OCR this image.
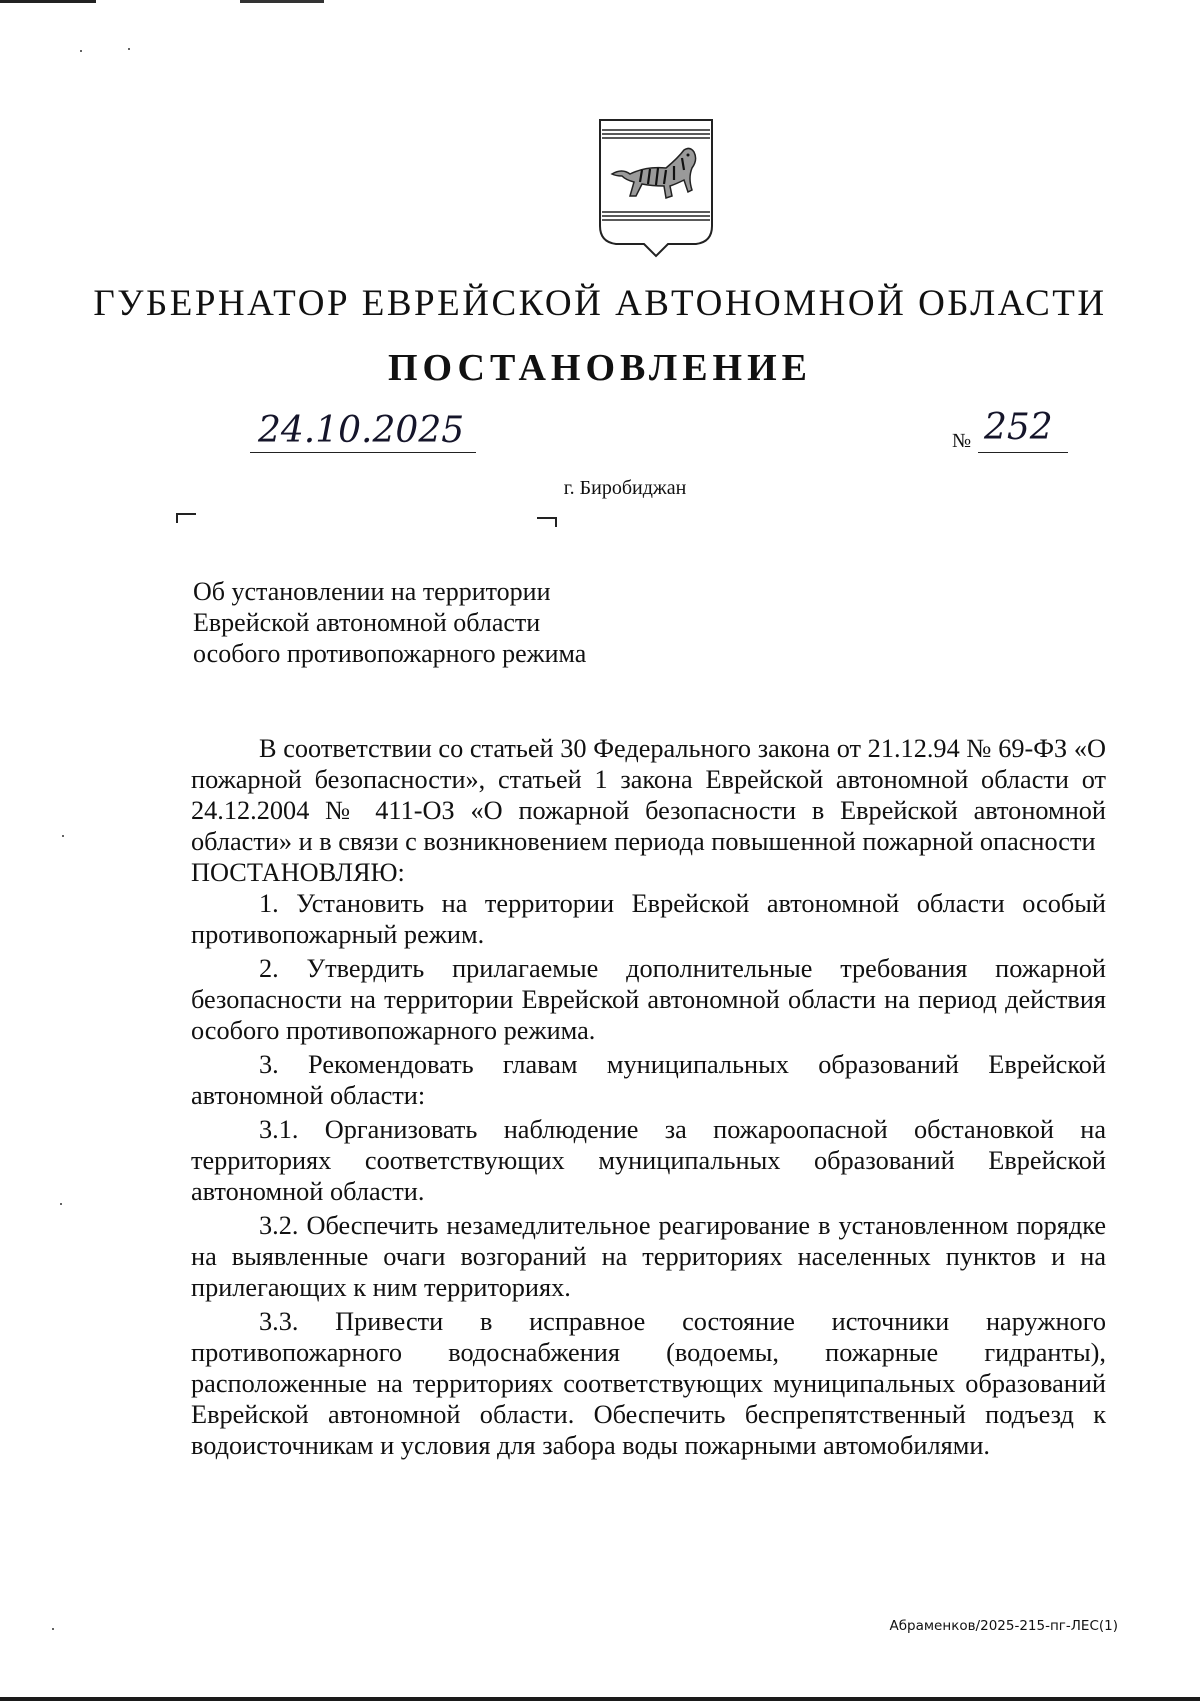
ГУБЕРНАТОР ЕВРЕЙСКОЙ АВТОНОМНОЙ ОБЛАСТИ
ПОСТАНОВЛЕНИЕ
24.10.2025	№ 252
г. Биробиджан
Об установлении на территории
Еврейской автономной области
особого противопожарного режима

В соответствии со статьей 30 Федерального закона от 21.12.94 № 69-ФЗ «О пожарной безопасности», статьей 1 закона Еврейской автономной области от 24.12.2004 № 411-ОЗ «О пожарной безопасности в Еврейской автономной области» и в связи с возникновением периода повышенной пожарной опасности

ПОСТАНОВЛЯЮ:

1. Установить на территории Еврейской автономной области особый противопожарный режим.

2. Утвердить прилагаемые дополнительные требования пожарной безопасности на территории Еврейской автономной области на период действия особого противопожарного режима.

3. Рекомендовать главам муниципальных образований Еврейской автономной области:

3.1. Организовать наблюдение за пожароопасной обстановкой на территориях соответствующих муниципальных образований Еврейской автономной области.

3.2. Обеспечить незамедлительное реагирование в установленном порядке на выявленные очаги возгораний на территориях населенных пунктов и на прилегающих к ним территориях.

3.3. Привести в исправное состояние источники наружного противопожарного водоснабжения (водоемы, пожарные гидранты), расположенные на территориях соответствующих муниципальных образований Еврейской автономной области. Обеспечить беспрепятственный подъезд к водоисточникам и условия для забора воды пожарными автомобилями.

Абраменков/2025-215-пг-ЛЕС(1)
